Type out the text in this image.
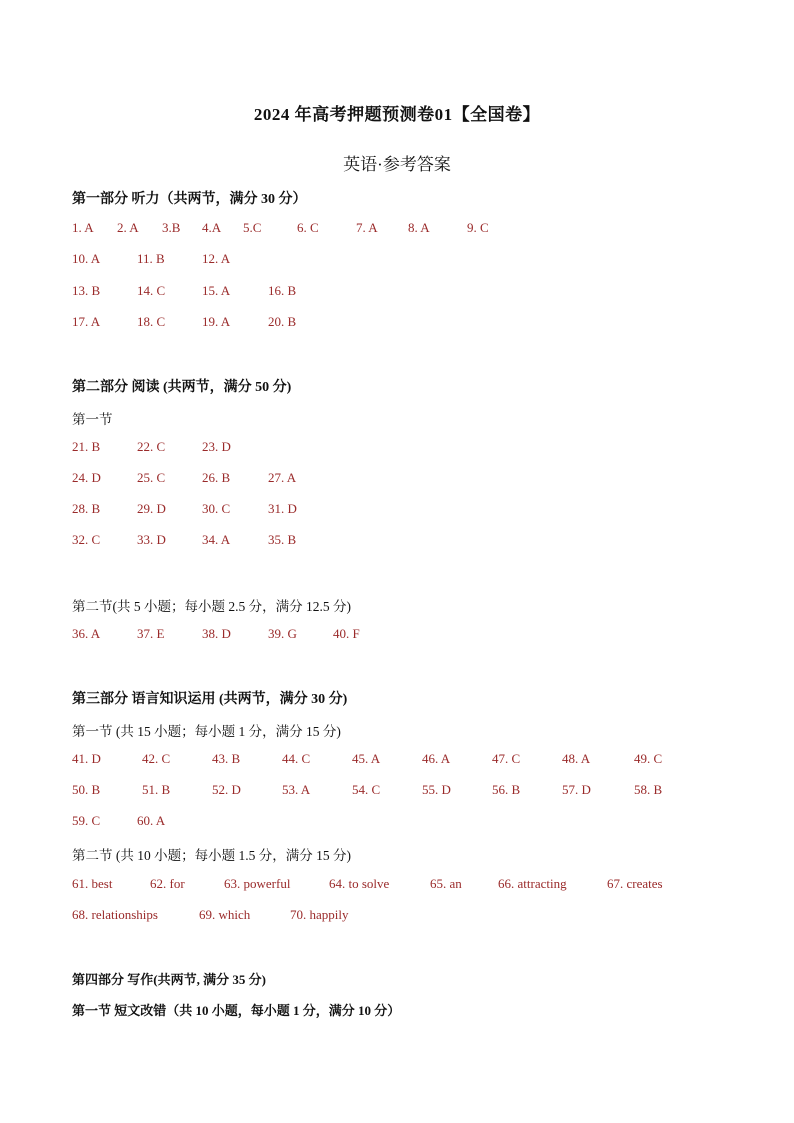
2024 年高考押题预测卷01【全国卷】
英语·参考答案
第一部分 听力（共两节，满分 30 分）
1. A 2. A 3.B 4.A 5.C	6. C	7. A 8. A	9. C
10. A	11. B	12. A
13. B	14. C	15. A	16. B
17. A	18. C	19. A	20. B
第二部分 阅读 (共两节，满分 50 分)
第一节
21. B	22. C	23. D
24. D	25. C	26. B	27. A
28. B	29. D	30. C	31. D
32. C	33. D	34. A	35. B
第二节(共 5 小题；每小题 2.5 分，满分 12.5 分)
36. A	37. E	38. D	39. G	40. F
第三部分 语言知识运用 (共两节，满分 30 分)
第一节 (共 15 小题；每小题 1 分，满分 15 分)
41. D	42. C	43. B	44. C	45. A	46. A	47. C	48. A	49. C
50. B	51. B	52. D	53. A	54. C	55. D	56. B	57. D	58. B
59. C	60. A
第二节 (共 10 小题；每小题 1.5 分，满分 15 分)
61. best	62. for	63. powerful	64. to solve	65. an	66. attracting	67. creates
68. relationships	69. which	70. happily
第四部分 写作(共两节, 满分 35 分)
第一节 短文改错（共 10 小题，每小题 1 分，满分 10 分）
